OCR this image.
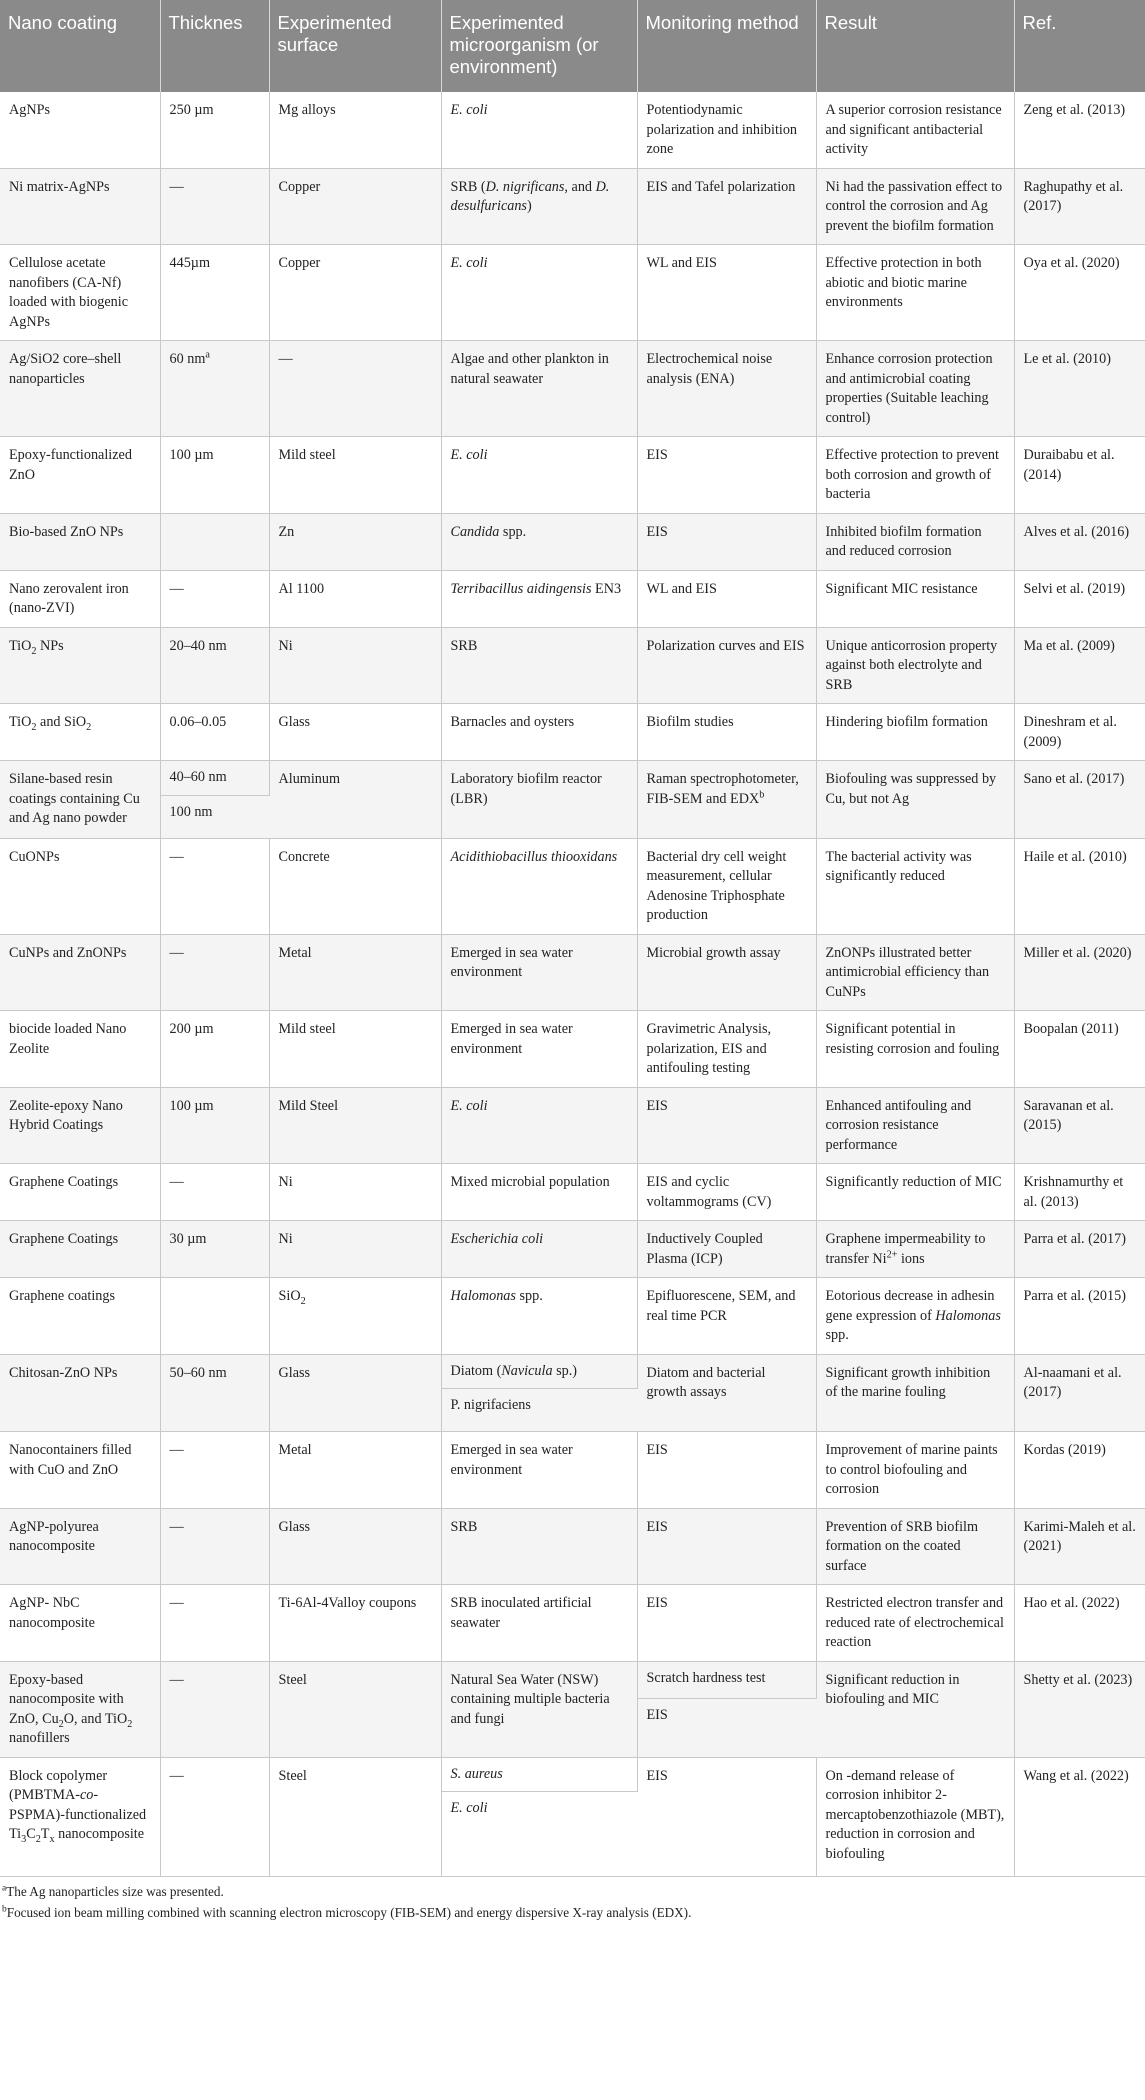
Nano coating	Thicknes	Experimented surface	Experimented microorganism (or environment)	Monitoring method	Result	Ref.
AgNPs	250 µm	Mg alloys	E. coli	Potentiodynamic polarization and inhibition zone	A superior corrosion resistance and significant antibacterial activity	Zeng et al. (2013)
Ni matrix-AgNPs	—	Copper	SRB (D. nigrificans, and D. desulfuricans)	EIS and Tafel polarization	Ni had the passivation effect to control the corrosion and Ag prevent the biofilm formation	Raghupathy et al. (2017)
Cellulose acetate nanofibers (CA-Nf) loaded with biogenic AgNPs	445µm	Copper	E. coli	WL and EIS	Effective protection in both abiotic and biotic marine environments	Oya et al. (2020)
Ag/SiO2 core–shell nanoparticles	60 $nm^a$	—	Algae and other plankton in natural seawater	Electrochemical noise analysis (ENA)	Enhance corrosion protection and antimicrobial coating properties (Suitable leaching control)	Le et al. (2010)
Epoxy-functionalized ZnO	100 µm	Mild steel	E. coli	EIS	Effective protection to prevent both corrosion and growth of bacteria	Duraibabu et al. (2014)
Bio-based ZnO NPs		Zn	Candida spp.	EIS	Inhibited biofilm formation and reduced corrosion	Alves et al. (2016)
Nano zerovalent iron (nano-ZVI)	—	Al 1100	Terribacillus aidingensis EN3	WL and EIS	Significant MIC resistance	Selvi et al. (2019)
TiO$_2$ NPs	20–40 nm	Ni	SRB	Polarization curves and EIS	Unique anticorrosion property against both electrolyte and SRB	Ma et al. (2009)
TiO$_2$ and SiO$_2$	0.06–0.05	Glass	Barnacles and oysters	Biofilm studies	Hindering biofilm formation	Dineshram et al. (2009)
Silane-based resin coatings containing Cu and Ag nano powder	40–60 nm	Aluminum	Laboratory biofilm reactor (LBR)	Raman spectrophotometer, FIB-SEM and EDX$^b$	Biofouling was suppressed by Cu, but not Ag	Sano et al. (2017)
	100 nm					
CuONPs	—	Concrete	Acidithiobacillus thiooxidans	Bacterial dry cell weight measurement, cellular Adenosine Triphosphate production	The bacterial activity was significantly reduced	Haile et al. (2010)
CuNPs and ZnONPs	—	Metal	Emerged in sea water environment	Microbial growth assay	ZnONPs illustrated better antimicrobial efficiency than CuNPs	Miller et al. (2020)
biocide loaded Nano Zeolite	200 µm	Mild steel	Emerged in sea water environment	Gravimetric Analysis, polarization, EIS and antifouling testing	Significant potential in resisting corrosion and fouling	Boopalan (2011)
Zeolite-epoxy Nano Hybrid Coatings	100 µm	Mild Steel	E. coli	EIS	Enhanced antifouling and corrosion resistance performance	Saravanan et al. (2015)
Graphene Coatings	—	Ni	Mixed microbial population	EIS and cyclic voltammograms (CV)	Significantly reduction of MIC	Krishnamurthy et al. (2013)
Graphene Coatings	30 µm	Ni	Escherichia coli	Inductively Coupled Plasma (ICP)	Graphene impermeability to transfer $Ni^{2+}$ ions	Parra et al. (2017)
Graphene coatings		SiO$_2$	Halomonas spp.	Epifluorescene, SEM, and real time PCR	Eotorious decrease in adhesin gene expression of Halomonas spp.	Parra et al. (2015)
Chitosan-ZnO NPs	50–60 nm	Glass	Diatom (Navicula sp.)	Diatom and bacterial growth assays	Significant growth inhibition of the marine fouling	Al-naamani et al. (2017)
			P. nigrifaciens			
Nanocontainers filled with CuO and ZnO	—	Metal	Emerged in sea water environment	EIS	Improvement of marine paints to control biofouling and corrosion	Kordas (2019)
AgNP-polyurea nanocomposite	—	Glass	SRB	EIS	Prevention of SRB biofilm formation on the coated surface	Karimi-Maleh et al. (2021)
AgNP- NbC nanocomposite	—	Ti-6Al-4Valloy coupons	SRB inoculated artificial seawater	EIS	Restricted electron transfer and reduced rate of electrochemical reaction	Hao et al. (2022)
Epoxy-based nanocomposite with ZnO, $Cu_2O$, and TiO$_2$ nanofillers	—	Steel	Natural Sea Water (NSW) containing multiple bacteria and fungi	Scratch hardness test	Significant reduction in biofouling and MIC	Shetty et al. (2023)
				EIS		
Block copolymer (PMBTMA-co-PSPMA)-functionalized $Ti_3C_2T_x$ nanocomposite	—	Steel	S. aureus	EIS	On -demand release of corrosion inhibitor 2-mercaptobenzothiazole (MBT), reduction in corrosion and biofouling	Wang et al. (2022)
			E. coli			
$^a$The Ag nanoparticles size was presented.
$^b$Focused ion beam milling combined with scanning electron microscopy (FIB-SEM) and energy dispersive X-ray analysis (EDX).
